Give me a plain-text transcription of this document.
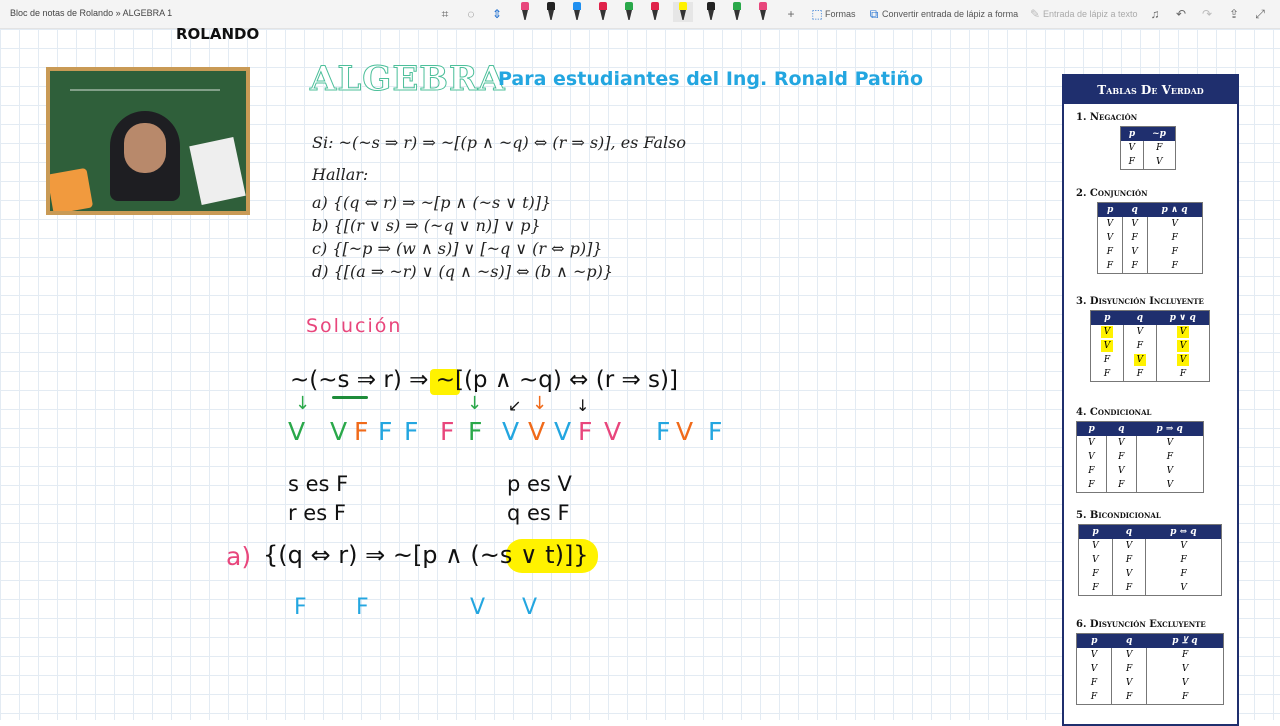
Bloc de notas de Rolando » ALGEBRA 1	⌗	◌	⇕	+	⬚ Formas	⧉ Convertir entrada de lápiz a forma ✎ Entrada de lápiz a texto ♫ ↶ ↷ ⇪ ⤢
ROLANDO
ALGEBRA
Para estudiantes del Ing. Ronald Patiño
Si: ~(~s ⇒ r) ⇒ ~[(p ∧ ~q) ⇔ (r ⇒ s)], es Falso
Hallar:
a) {(q ⇔ r) ⇒ ~[p ∧ (~s ∨ t)]}
b) {[(r ∨ s) ⇒ (~q ∨ n)] ∨ p}
c) {[~p ⇒ (w ∧ s)] ∨ [~q ∨ (r ⇔ p)]}
d) {[(a ⇒ ~r) ∨ (q ∧ ~s)] ⇔ (b ∧ ~p)}
Solución
~(~s ⇒ r) ⇒ ~[(p ∧ ~q) ⇔ (r ⇒ s)]
↓	↓ ↙ ↓ ↓
V V F F F F F V V V F V F V F
s es F
r es F
p es V
q es F
a) {(q ⇔ r) ⇒ ~[p ∧ (~s ∨ t)]}
F F	V V
Tablas De Verdad
1. Negación
p	~p
V	F
F	V
2. Conjunción
p	q	p ∧ q
V	V	V
V	F	F
F	V	F
F	F	F
3. Disyunción Incluyente
p	q	p ∨ q
V	V	V
V	F	V
F	V	V
F	F	F
4. Condicional
p	q	p ⇒ q
V	V	V
V	F	F
F	V	V
F	F	V
5. Bicondicional
p	q	p ⇔ q
V	V	V
V	F	F
F	V	F
F	F	V
6. Disyunción Excluyente
p	q	p ⊻ q
V	V	F
V	F	V
F	V	V
F	F	F
